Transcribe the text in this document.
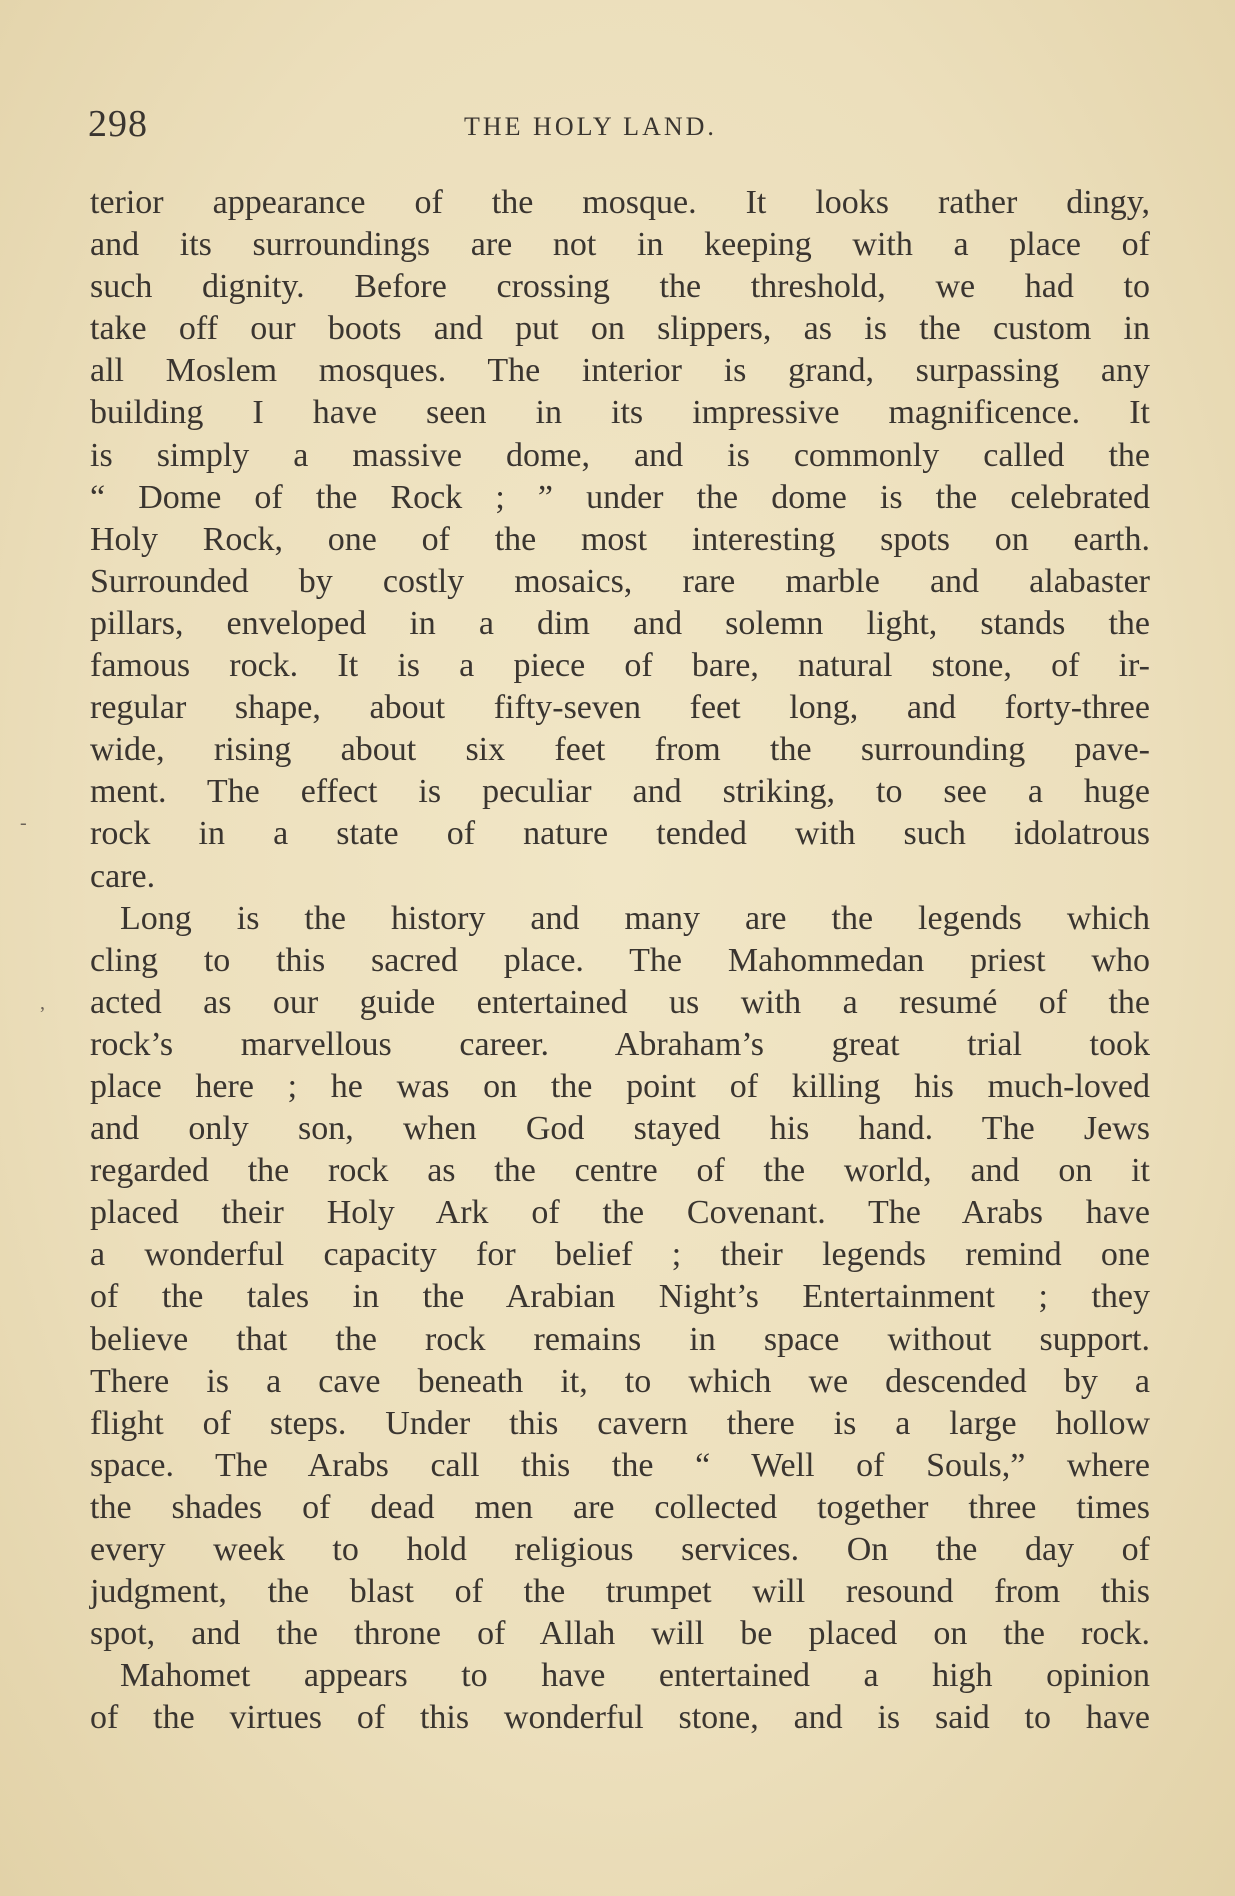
298	THE HOLY LAND.
-
,
terior appearance of the mosque. It looks rather dingy,
and its surroundings are not in keeping with a place of
such dignity. Before crossing the threshold, we had to
take off our boots and put on slippers, as is the custom in
all Moslem mosques. The interior is grand, surpassing any
building I have seen in its impressive magnificence. It
is simply a massive dome, and is commonly called the
“ Dome of the Rock ; ” under the dome is the celebrated
Holy Rock, one of the most interesting spots on earth.
Surrounded by costly mosaics, rare marble and alabaster
pillars, enveloped in a dim and solemn light, stands the
famous rock. It is a piece of bare, natural stone, of ir-
regular shape, about fifty-seven feet long, and forty-three
wide, rising about six feet from the surrounding pave-
ment. The effect is peculiar and striking, to see a huge
rock in a state of nature tended with such idolatrous
care.
Long is the history and many are the legends which
cling to this sacred place. The Mahommedan priest who
acted as our guide entertained us with a resumé of the
rock’s marvellous career. Abraham’s great trial took
place here ; he was on the point of killing his much-loved
and only son, when God stayed his hand. The Jews
regarded the rock as the centre of the world, and on it
placed their Holy Ark of the Covenant. The Arabs have
a wonderful capacity for belief ; their legends remind one
of the tales in the Arabian Night’s Entertainment ; they
believe that the rock remains in space without support.
There is a cave beneath it, to which we descended by a
flight of steps. Under this cavern there is a large hollow
space. The Arabs call this the “ Well of Souls,” where
the shades of dead men are collected together three times
every week to hold religious services. On the day of
judgment, the blast of the trumpet will resound from this
spot, and the throne of Allah will be placed on the rock.
Mahomet appears to have entertained a high opinion
of the virtues of this wonderful stone, and is said to have
